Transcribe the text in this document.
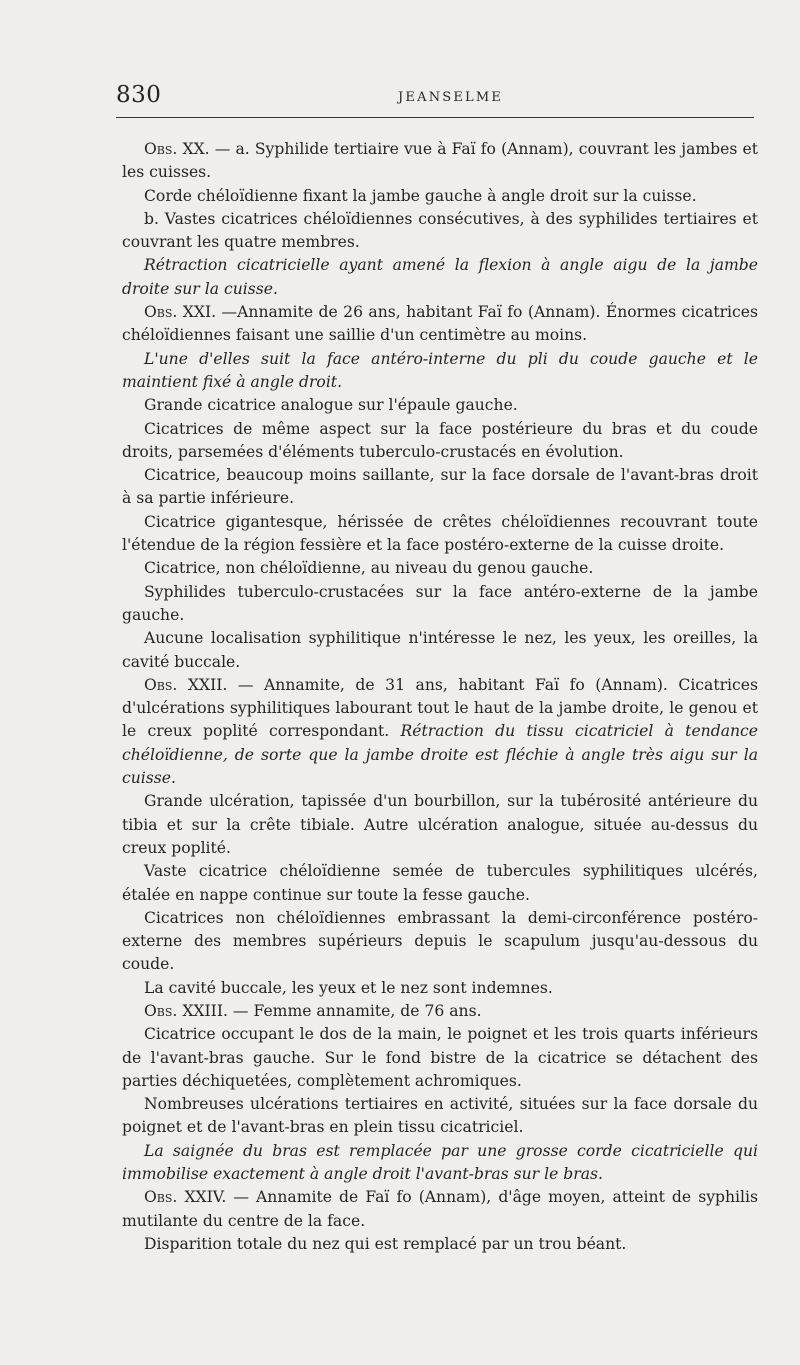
830	JEANSELME

Obs. XX. — a. Syphilide tertiaire vue à Faï fo (Annam), couvrant les jambes et les cuisses.

Corde chéloïdienne fixant la jambe gauche à angle droit sur la cuisse.

b. Vastes cicatrices chéloïdiennes consécutives, à des syphilides tertiaires et couvrant les quatre membres.

Rétraction cicatricielle ayant amené la flexion à angle aigu de la jambe droite sur la cuisse.

Obs. XXI. —Annamite de 26 ans, habitant Faï fo (Annam). Énormes cicatrices chéloïdiennes faisant une saillie d'un centimètre au moins.

L'une d'elles suit la face antéro-interne du pli du coude gauche et le maintient fixé à angle droit.

Grande cicatrice analogue sur l'épaule gauche.

Cicatrices de même aspect sur la face postérieure du bras et du coude droits, parsemées d'éléments tuberculo-crustacés en évolution.

Cicatrice, beaucoup moins saillante, sur la face dorsale de l'avant-bras droit à sa partie inférieure.

Cicatrice gigantesque, hérissée de crêtes chéloïdiennes recouvrant toute l'étendue de la région fessière et la face postéro-externe de la cuisse droite.

Cicatrice, non chéloïdienne, au niveau du genou gauche.

Syphilides tuberculo-crustacées sur la face antéro-externe de la jambe gauche.

Aucune localisation syphilitique n'intéresse le nez, les yeux, les oreilles, la cavité buccale.

Obs. XXII. — Annamite, de 31 ans, habitant Faï fo (Annam). Cicatrices d'ulcérations syphilitiques labourant tout le haut de la jambe droite, le genou et le creux poplité correspondant. Rétraction du tissu cicatriciel à tendance chéloïdienne, de sorte que la jambe droite est fléchie à angle très aigu sur la cuisse.

Grande ulcération, tapissée d'un bourbillon, sur la tubérosité antérieure du tibia et sur la crête tibiale. Autre ulcération analogue, située au-dessus du creux poplité.

Vaste cicatrice chéloïdienne semée de tubercules syphilitiques ulcérés, étalée en nappe continue sur toute la fesse gauche.

Cicatrices non chéloïdiennes embrassant la demi-circonférence postéro-externe des membres supérieurs depuis le scapulum jusqu'au-dessous du coude.

La cavité buccale, les yeux et le nez sont indemnes.

Obs. XXIII. — Femme annamite, de 76 ans.

Cicatrice occupant le dos de la main, le poignet et les trois quarts inférieurs de l'avant-bras gauche. Sur le fond bistre de la cicatrice se détachent des parties déchiquetées, complètement achromiques.

Nombreuses ulcérations tertiaires en activité, situées sur la face dorsale du poignet et de l'avant-bras en plein tissu cicatriciel.

La saignée du bras est remplacée par une grosse corde cicatricielle qui immobilise exactement à angle droit l'avant-bras sur le bras.

Obs. XXIV. — Annamite de Faï fo (Annam), d'âge moyen, atteint de syphilis mutilante du centre de la face.

Disparition totale du nez qui est remplacé par un trou béant.
